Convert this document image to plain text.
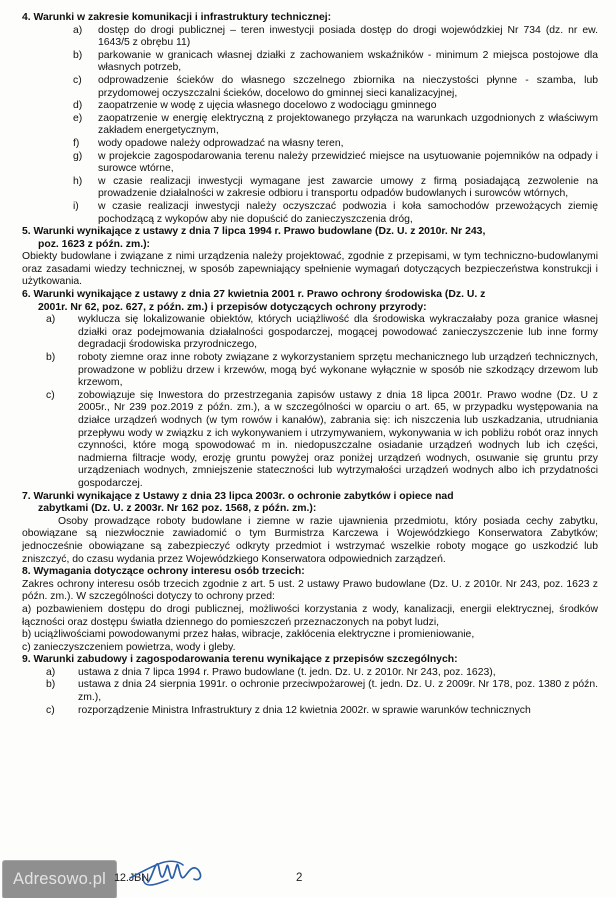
4. Warunki w zakresie komunikacji i infrastruktury technicznej:
a)	dostęp do drogi publicznej – teren inwestycji posiada dostęp do drogi wojewódzkiej Nr 734 (dz. nr ew. 1643/5 z obrębu 11)
b)	parkowanie w granicach własnej działki z zachowaniem wskaźników - minimum 2 miejsca postojowe dla własnych potrzeb,
c)	odprowadzenie ścieków do własnego szczelnego zbiornika na nieczystości płynne - szamba, lub przydomowej oczyszczalni ścieków, docelowo do gminnej sieci kanalizacyjnej,
d)	zaopatrzenie w wodę z ujęcia własnego docelowo z wodociągu gminnego
e)	zaopatrzenie w energię elektryczną z projektowanego przyłącza na warunkach uzgodnionych z właściwym zakładem energetycznym,
f)	wody opadowe należy odprowadzać na własny teren,
g)	w projekcie zagospodarowania terenu należy przewidzieć miejsce na usytuowanie pojemników na odpady i surowce wtórne,
h)	w czasie realizacji inwestycji wymagane jest zawarcie umowy z firmą posiadającą zezwolenie na prowadzenie działalności w zakresie odbioru i transportu odpadów budowlanych i surowców wtórnych,
i)	w czasie realizacji inwestycji należy oczyszczać podwozia i koła samochodów przewożących ziemię pochodzącą z wykopów aby nie dopuścić do zanieczyszczenia dróg,
5. Warunki wynikające z ustawy z dnia 7 lipca 1994 r. Prawo budowlane (Dz. U. z 2010r. Nr 243,
poz. 1623 z późn. zm.):

Obiekty budowlane i związane z nimi urządzenia należy projektować, zgodnie z przepisami, w tym techniczno-budowlanymi oraz zasadami wiedzy technicznej, w sposób zapewniający spełnienie wymagań dotyczących bezpieczeństwa konstrukcji i użytkowania.

6. Warunki wynikające z ustawy z dnia 27 kwietnia 2001 r. Prawo ochrony środowiska (Dz. U. z
2001r. Nr 62, poz. 627, z późn. zm.) i przepisów dotyczących ochrony przyrody:
a)	wyklucza się lokalizowanie obiektów, których uciążliwość dla środowiska wykraczałaby poza granice własnej działki oraz podejmowania działalności gospodarczej, mogącej powodować zanieczyszczenie lub inne formy degradacji środowiska przyrodniczego,
b)	roboty ziemne oraz inne roboty związane z wykorzystaniem sprzętu mechanicznego lub urządzeń technicznych, prowadzone w pobliżu drzew i krzewów, mogą być wykonane wyłącznie w sposób nie szkodzący drzewom lub krzewom,
c)	zobowiązuje się Inwestora do przestrzegania zapisów ustawy z dnia 18 lipca 2001r. Prawo wodne (Dz. U z 2005r., Nr 239 poz.2019 z późn. zm.), a w szczególności w oparciu o art. 65, w przypadku występowania na działce urządzeń wodnych (w tym rowów i kanałów), zabrania się: ich niszczenia lub uszkadzania, utrudniania przepływu wody w związku z ich wykonywaniem i utrzymywaniem, wykonywania w ich pobliżu robót oraz innych czynności, które mogą spowodować m in. niedopuszczalne osiadanie urządzeń wodnych lub ich części, nadmierna filtracje wody, erozję gruntu powyżej oraz poniżej urządzeń wodnych, osuwanie się gruntu przy urządzeniach wodnych, zmniejszenie stateczności lub wytrzymałości urządzeń wodnych albo ich przydatności gospodarczej.
7. Warunki wynikające z Ustawy z dnia 23 lipca 2003r. o ochronie zabytków i opiece nad
zabytkami (Dz. U. z 2003r. Nr 162 poz. 1568, z późn. zm.):

Osoby prowadzące roboty budowlane i ziemne w razie ujawnienia przedmiotu, który posiada cechy zabytku, obowiązane są niezwłocznie zawiadomić o tym Burmistrza Karczewa i Wojewódzkiego Konserwatora Zabytków; jednocześnie obowiązane są zabezpieczyć odkryty przedmiot i wstrzymać wszelkie roboty mogące go uszkodzić lub zniszczyć, do czasu wydania przez Wojewódzkiego Konserwatora odpowiednich zarządzeń.

8. Wymagania dotyczące ochrony interesu osób trzecich:

Zakres ochrony interesu osób trzecich zgodnie z art. 5 ust. 2 ustawy Prawo budowlane (Dz. U. z 2010r. Nr 243, poz. 1623 z późn. zm.). W szczególności dotyczy to ochrony przed:

a) pozbawieniem dostępu do drogi publicznej, możliwości korzystania z wody, kanalizacji, energii elektrycznej, środków łączności oraz dostępu światła dziennego do pomieszczeń przeznaczonych na pobyt ludzi,
b) uciążliwościami powodowanymi przez hałas, wibracje, zakłócenia elektryczne i promieniowanie,
c) zanieczyszczeniem powietrza, wody i gleby.
9. Warunki zabudowy i zagospodarowania terenu wynikające z przepisów szczególnych:
a)	ustawa z dnia 7 lipca 1994 r. Prawo budowlane (t. jedn. Dz. U. z 2010r. Nr 243, poz. 1623),
b)	ustawa z dnia 24 sierpnia 1991r. o ochronie przeciwpożarowej (t. jedn. Dz. U. z 2009r. Nr 178, poz. 1380 z późn. zm.),
c)	rozporządzenie Ministra Infrastruktury z dnia 12 kwietnia 2002r. w sprawie warunków technicznych
Adresowo.pl 12.JBN	2
